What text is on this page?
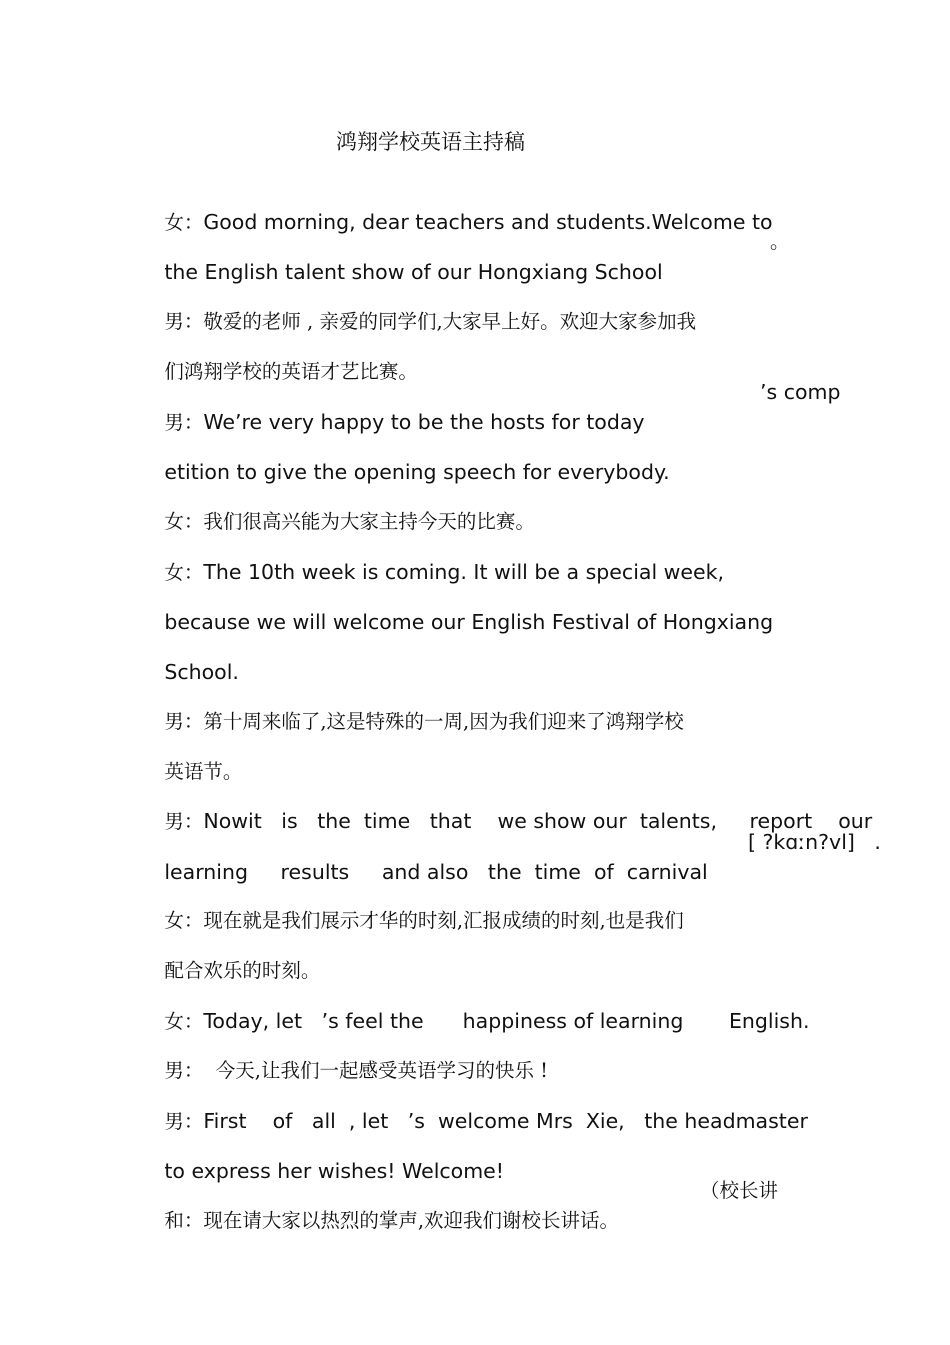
鸿翔学校英语主持稿

女：Good morning, dear teachers and students.Welcome to

the English talent show of our Hongxiang School

。

男：敬爱的老师 , 亲爱的同学们,大家早上好。欢迎大家参加我

们鸿翔学校的英语才艺比赛。

男：We’re very happy to be the hosts for today

’s comp

etition to give the opening speech for everybody.

女：我们很高兴能为大家主持今天的比赛。

女：The 10th week is coming. It will be a special week,

because we will welcome our English Festival of Hongxiang

School.

男：第十周来临了,这是特殊的一周,因为我们迎来了鸿翔学校

英语节。

男：Nowit   is   the  time   that    we show our  talents,     report    our

learning     results     and also   the  time  of  carnival

[ ?kɑːn?vl]   .

女：现在就是我们展示才华的时刻,汇报成绩的时刻,也是我们

配合欢乐的时刻。

女：Today, let   ’s feel the      happiness of learning       English.

男：  今天,让我们一起感受英语学习的快乐 !

男：First    of   all  , let   ’s  welcome Mrs  Xie,   the headmaster

to express her wishes! Welcome!

和：现在请大家以热烈的掌声,欢迎我们谢校长讲话。

（校长讲
